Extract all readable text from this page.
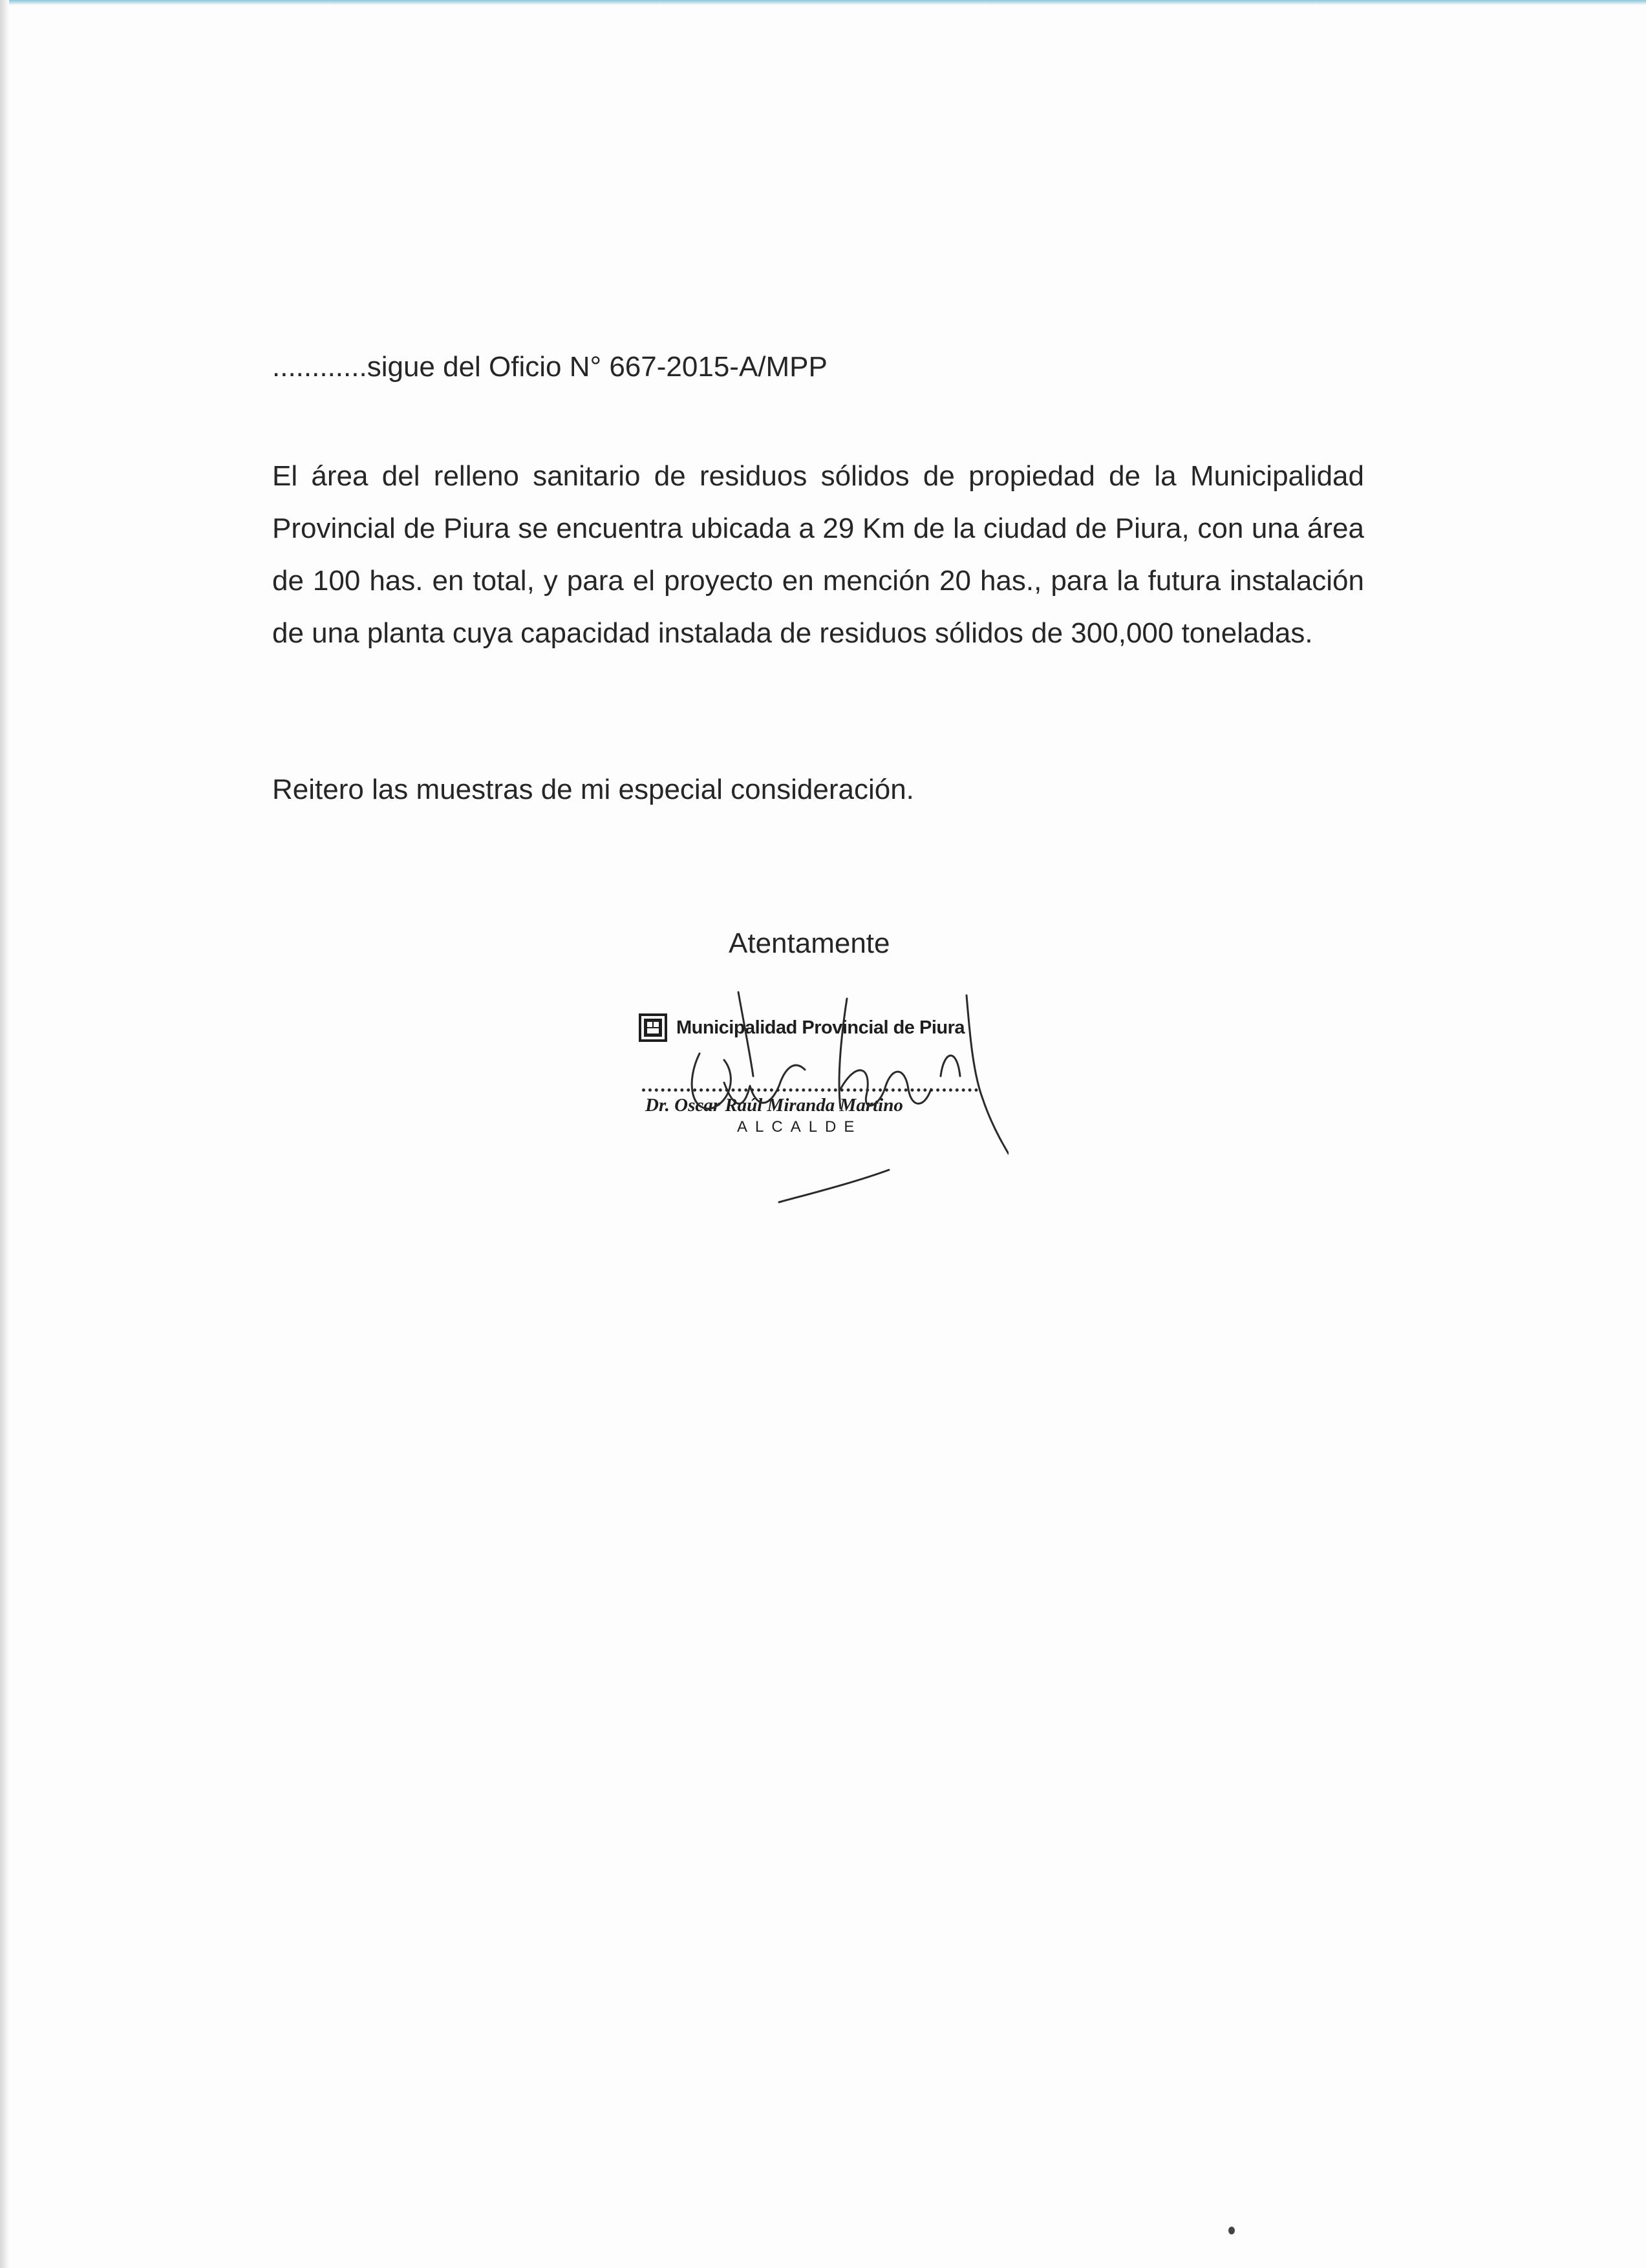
............sigue del Oficio N° 667-2015-A/MPP

El área del relleno sanitario de residuos sólidos de propiedad de la Municipalidad Provincial de Piura se encuentra ubicada a 29 Km de la ciudad de Piura, con una área de 100 has. en total, y para el proyecto en mención 20 has., para la futura instalación de una planta cuya capacidad instalada de residuos sólidos de 300,000 toneladas.

Reitero las muestras de mi especial consideración.

Atentamente
Municipalidad Provincial de Piura
Dr. Oscar Raúl Miranda Martino
ALCALDE
